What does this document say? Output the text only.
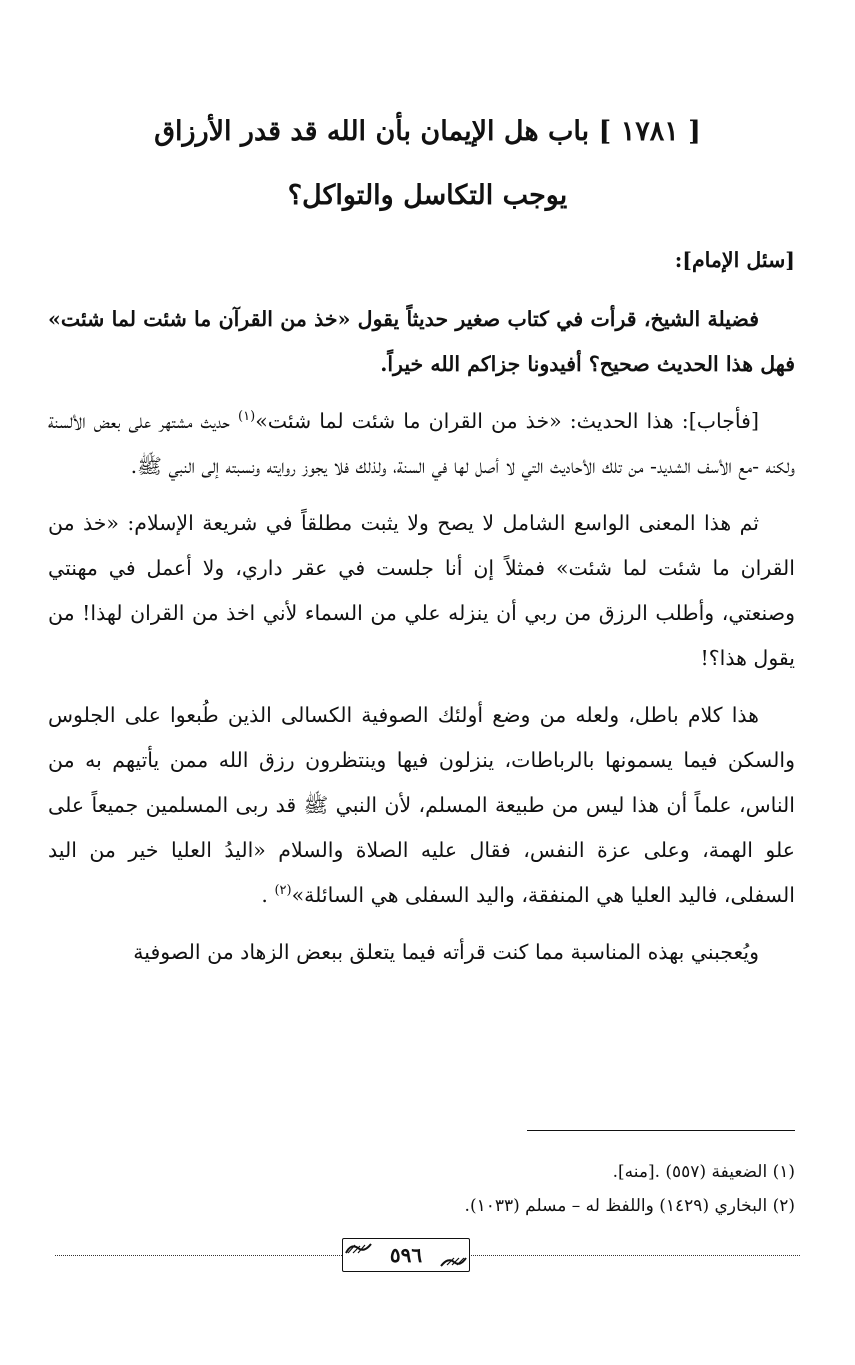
[ ١٧٨١ ] باب هل الإيمان بأن الله قد قدر الأرزاق
يوجب التكاسل والتواكل؟

[سئل الإمام]:

فضيلة الشيخ، قرأت في كتاب صغير حديثاً يقول «خذ من القرآن ما شئت لما شئت» فهل هذا الحديث صحيح؟ أفيدونا جزاكم الله خيراً.

[فأجاب]: هذا الحديث: «خذ من القران ما شئت لما شئت»$^{(١)}$ حديث مشتهر على بعض الألسنة ولكنه -مع الأسف الشديد- من تلك الأحاديث التي لا أصل لها في السنة، ولذلك فلا يجوز روايته ونسبته إلى النبي ﷺ.

ثم هذا المعنى الواسع الشامل لا يصح ولا يثبت مطلقاً في شريعة الإسلام: «خذ من القران ما شئت لما شئت» فمثلاً إن أنا جلست في عقر داري، ولا أعمل في مهنتي وصنعتي، وأطلب الرزق من ربي أن ينزله علي من السماء لأني اخذ من القران لهذا! من يقول هذا؟!

هذا كلام باطل، ولعله من وضع أولئك الصوفية الكسالى الذين طُبعوا على الجلوس والسكن فيما يسمونها بالرباطات، ينزلون فيها وينتظرون رزق الله ممن يأتيهم به من الناس، علماً أن هذا ليس من طبيعة المسلم، لأن النبي ﷺ قد ربى المسلمين جميعاً على علو الهمة، وعلى عزة النفس، فقال عليه الصلاة والسلام «اليدُ العليا خير من اليد السفلى، فاليد العليا هي المنفقة، واليد السفلى هي السائلة»$^{(٢)}$ .

ويُعجبني بهذه المناسبة مما كنت قرأته فيما يتعلق ببعض الزهاد من الصوفية

(١) الضعيفة (٥٥٧) .[منه].
(٢) البخاري (١٤٢٩) واللفظ له – مسلم (١٠٣٣).
٥٩٦
